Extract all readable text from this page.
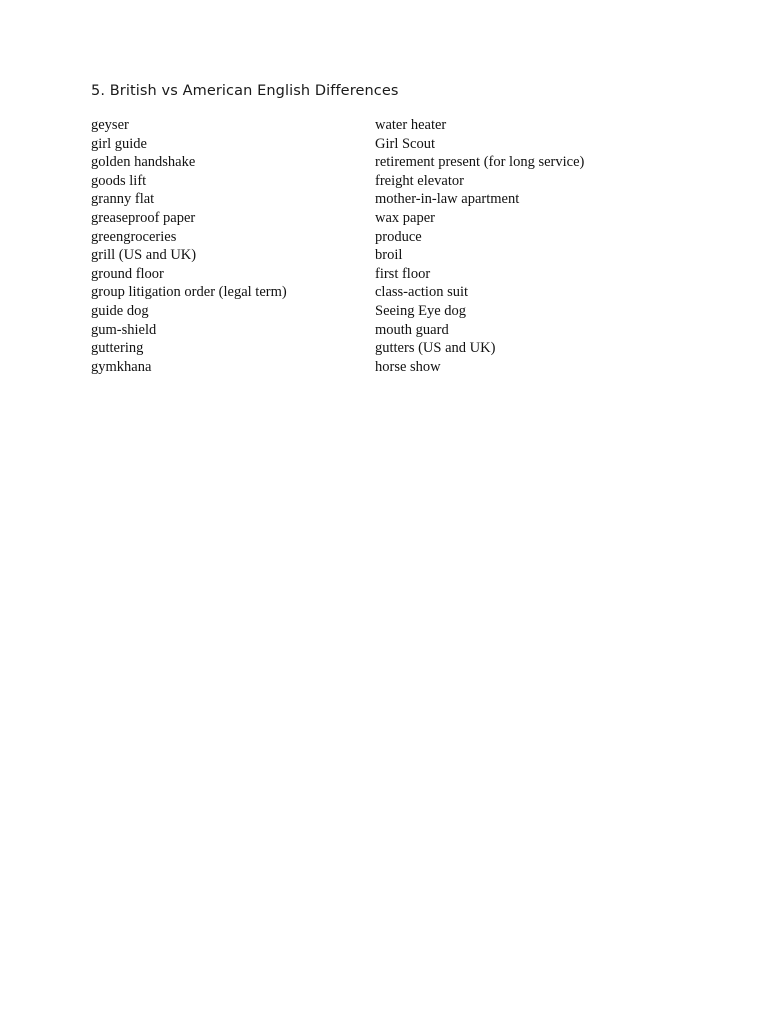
5. British vs American English Differences
geyser	water heater
girl guide	Girl Scout
golden handshake	retirement present (for long service)
goods lift	freight elevator
granny flat	mother-in-law apartment
greaseproof paper	wax paper
greengroceries	produce
grill (US and UK)	broil
ground floor	first floor
group litigation order (legal term)	class-action suit
guide dog	Seeing Eye dog
gum-shield	mouth guard
guttering	gutters (US and UK)
gymkhana	horse show
